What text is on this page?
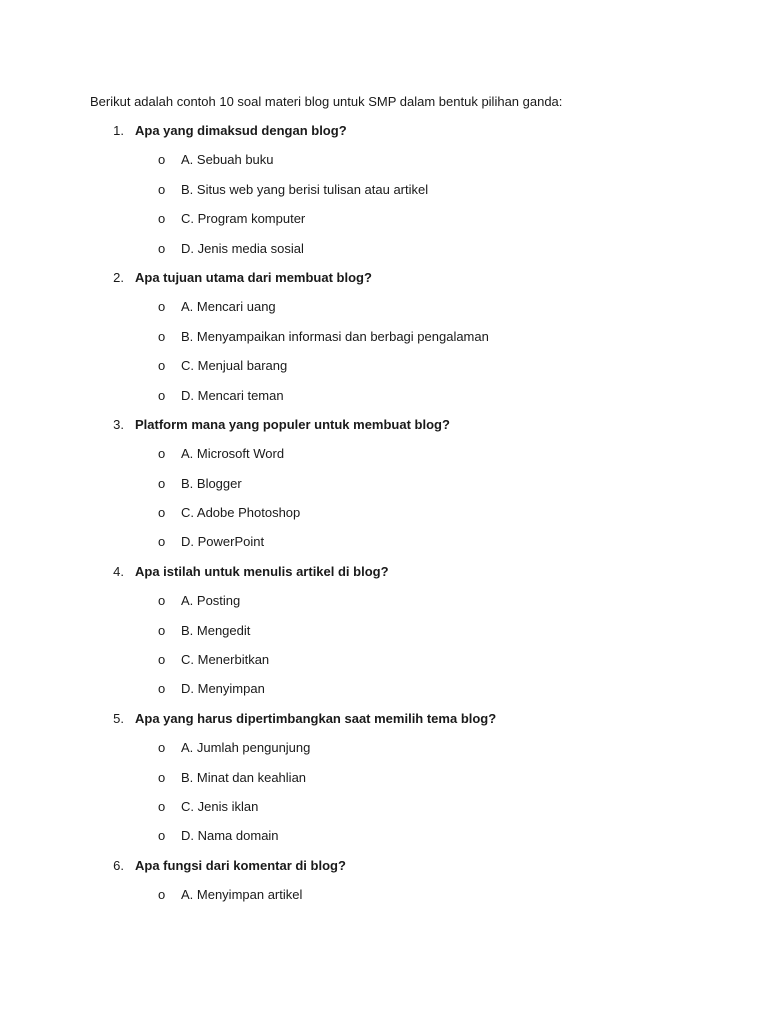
Berikut adalah contoh 10 soal materi blog untuk SMP dalam bentuk pilihan ganda:
1. Apa yang dimaksud dengan blog?
o A. Sebuah buku
o B. Situs web yang berisi tulisan atau artikel
o C. Program komputer
o D. Jenis media sosial
2. Apa tujuan utama dari membuat blog?
o A. Mencari uang
o B. Menyampaikan informasi dan berbagi pengalaman
o C. Menjual barang
o D. Mencari teman
3. Platform mana yang populer untuk membuat blog?
o A. Microsoft Word
o B. Blogger
o C. Adobe Photoshop
o D. PowerPoint
4. Apa istilah untuk menulis artikel di blog?
o A. Posting
o B. Mengedit
o C. Menerbitkan
o D. Menyimpan
5. Apa yang harus dipertimbangkan saat memilih tema blog?
o A. Jumlah pengunjung
o B. Minat dan keahlian
o C. Jenis iklan
o D. Nama domain
6. Apa fungsi dari komentar di blog?
o A. Menyimpan artikel
